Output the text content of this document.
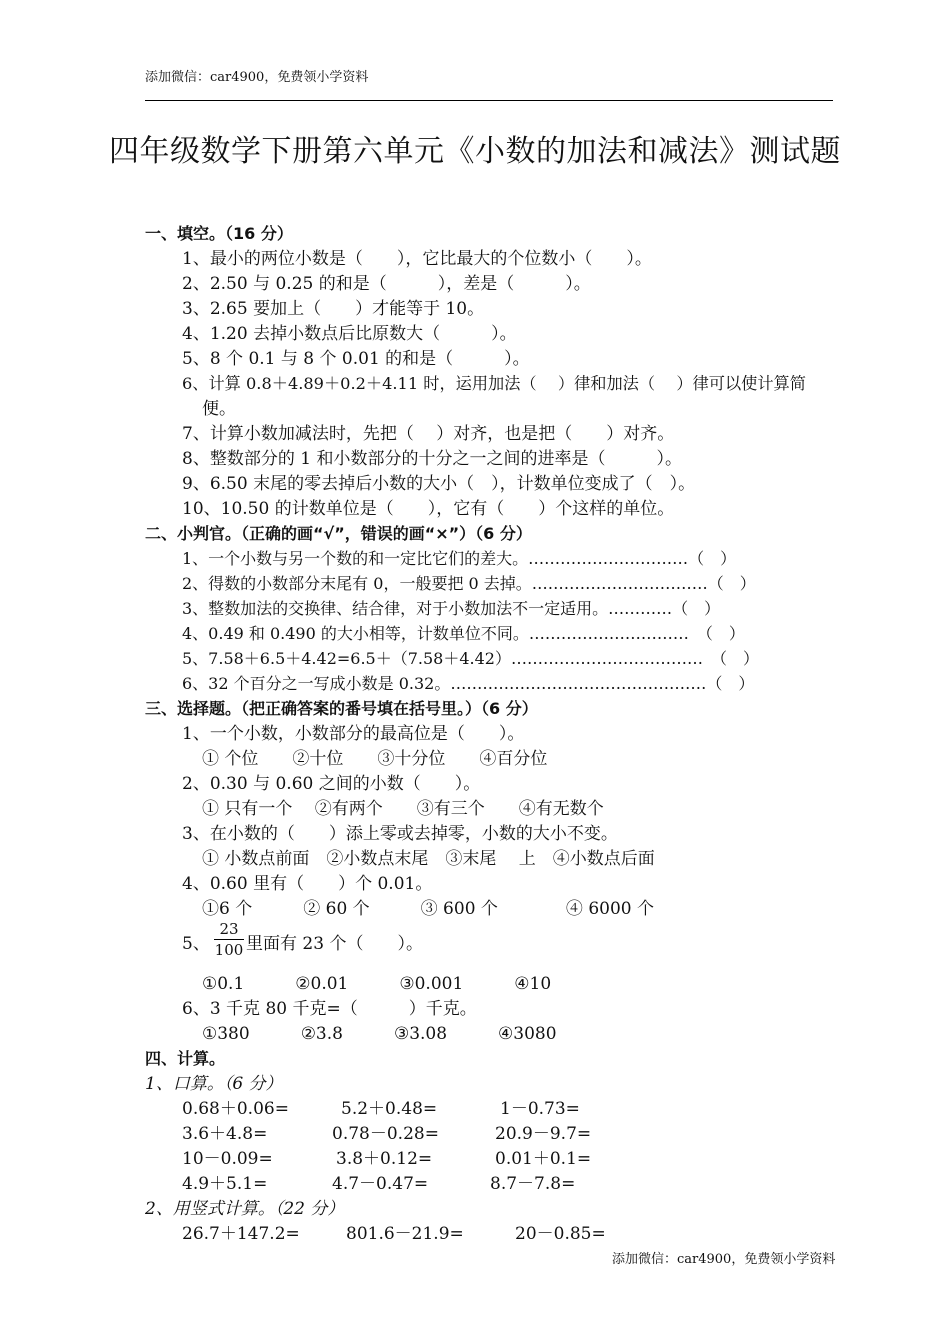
添加微信：car4900，免费领小学资料
四年级数学下册第六单元《小数的加法和减法》测试题
一、填空。（16 分）
1、最小的两位小数是（　　），它比最大的个位数小（　　）。
2、2.50 与 0.25 的和是（　　　），差是（　　　）。
3、2.65 要加上（　　）才能等于 10。
4、1.20 去掉小数点后比原数大（　　　）。
5、8 个 0.1 与 8 个 0.01 的和是（　　　）。
6、计算 0.8＋4.89＋0.2＋4.11 时，运用加法（　 ）律和加法（　 ）律可以使计算简
便。
7、计算小数加减法时，先把（　 ）对齐，也是把（　　）对齐。
8、整数部分的 1 和小数部分的十分之一之间的进率是（　　　）。
9、6.50 末尾的零去掉后小数的大小（　），计数单位变成了（　）。
10、10.50 的计数单位是（　　），它有（　　）个这样的单位。
二、小判官。（正确的画“√”，错误的画“×”）（6 分）
1、一个小数与另一个数的和一定比它们的差大。…………………………（　）
2、得数的小数部分末尾有 0，一般要把 0 去掉。……………………………（　）
3、整数加法的交换律、结合律，对于小数加法不一定适用。…………（　）
4、0.49 和 0.490 的大小相等，计数单位不同。…………………………　（　）
5、7.58＋6.5＋4.42=6.5＋（7.58＋4.42）………………………………　（　）
6、32 个百分之一写成小数是 0.32。…………………………………………（　）
三、选择题。（把正确答案的番号填在括号里。）（6 分）
1、一个小数，小数部分的最高位是（　　）。
① 个位　　②十位　　③十分位　　④百分位
2、0.30 与 0.60 之间的小数（　　）。
① 只有一个　 ②有两个　　③有三个　　④有无数个
3、在小数的（　　）添上零或去掉零，小数的大小不变。
① 小数点前面　②小数点末尾　③末尾　 上　④小数点后面
4、0.60 里有（　　）个 0.01。
①6 个　　　② 60 个　　　③ 600 个　　　　④ 6000 个
5、 $\frac{23}{100}$ 里面有 23 个（　　）。
①0.1　　　②0.01　　　③0.001　　　④10
6、3 千克 80 千克=（　　　）千克。
①380　　　②3.8　　　③3.08　　　④3080
四、计算。
1、口算。（6 分）
0.68＋0.06=	5.2＋0.48=	1－0.73=
3.6＋4.8=	0.78－0.28=	20.9－9.7=
10－0.09=	3.8＋0.12=	0.01＋0.1=
4.9＋5.1=	4.7－0.47=	8.7－7.8=
2、用竖式计算。（22 分）
26.7＋147.2=	801.6－21.9=	20－0.85=
添加微信：car4900，免费领小学资料
